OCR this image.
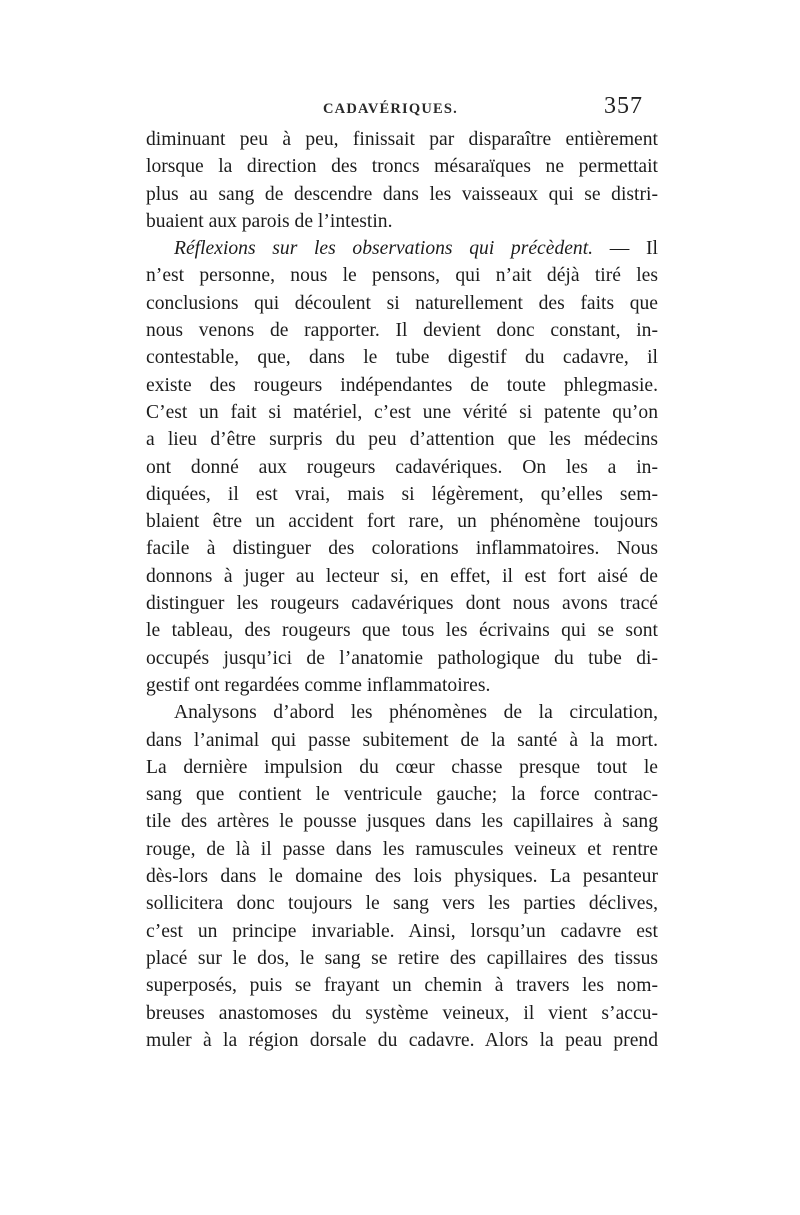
CADAVÉRIQUES.	357
diminuant peu à peu, finissait par disparaître entièrement
lorsque la direction des troncs mésaraïques ne permettait
plus au sang de descendre dans les vaisseaux qui se distri-
buaient aux parois de l’intestin.
Réflexions sur les observations qui précèdent. — Il
n’est personne, nous le pensons, qui n’ait déjà tiré les
conclusions qui découlent si naturellement des faits que
nous venons de rapporter. Il devient donc constant, in-
contestable, que, dans le tube digestif du cadavre, il
existe des rougeurs indépendantes de toute phlegmasie.
C’est un fait si matériel, c’est une vérité si patente qu’on
a lieu d’être surpris du peu d’attention que les médecins
ont donné aux rougeurs cadavériques. On les a in-
diquées, il est vrai, mais si légèrement, qu’elles sem-
blaient être un accident fort rare, un phénomène toujours
facile à distinguer des colorations inflammatoires. Nous
donnons à juger au lecteur si, en effet, il est fort aisé de
distinguer les rougeurs cadavériques dont nous avons tracé
le tableau, des rougeurs que tous les écrivains qui se sont
occupés jusqu’ici de l’anatomie pathologique du tube di-
gestif ont regardées comme inflammatoires.
Analysons d’abord les phénomènes de la circulation,
dans l’animal qui passe subitement de la santé à la mort.
La dernière impulsion du cœur chasse presque tout le
sang que contient le ventricule gauche; la force contrac-
tile des artères le pousse jusques dans les capillaires à sang
rouge, de là il passe dans les ramuscules veineux et rentre
dès-lors dans le domaine des lois physiques. La pesanteur
sollicitera donc toujours le sang vers les parties déclives,
c’est un principe invariable. Ainsi, lorsqu’un cadavre est
placé sur le dos, le sang se retire des capillaires des tissus
superposés, puis se frayant un chemin à travers les nom-
breuses anastomoses du système veineux, il vient s’accu-
muler à la région dorsale du cadavre. Alors la peau prend
